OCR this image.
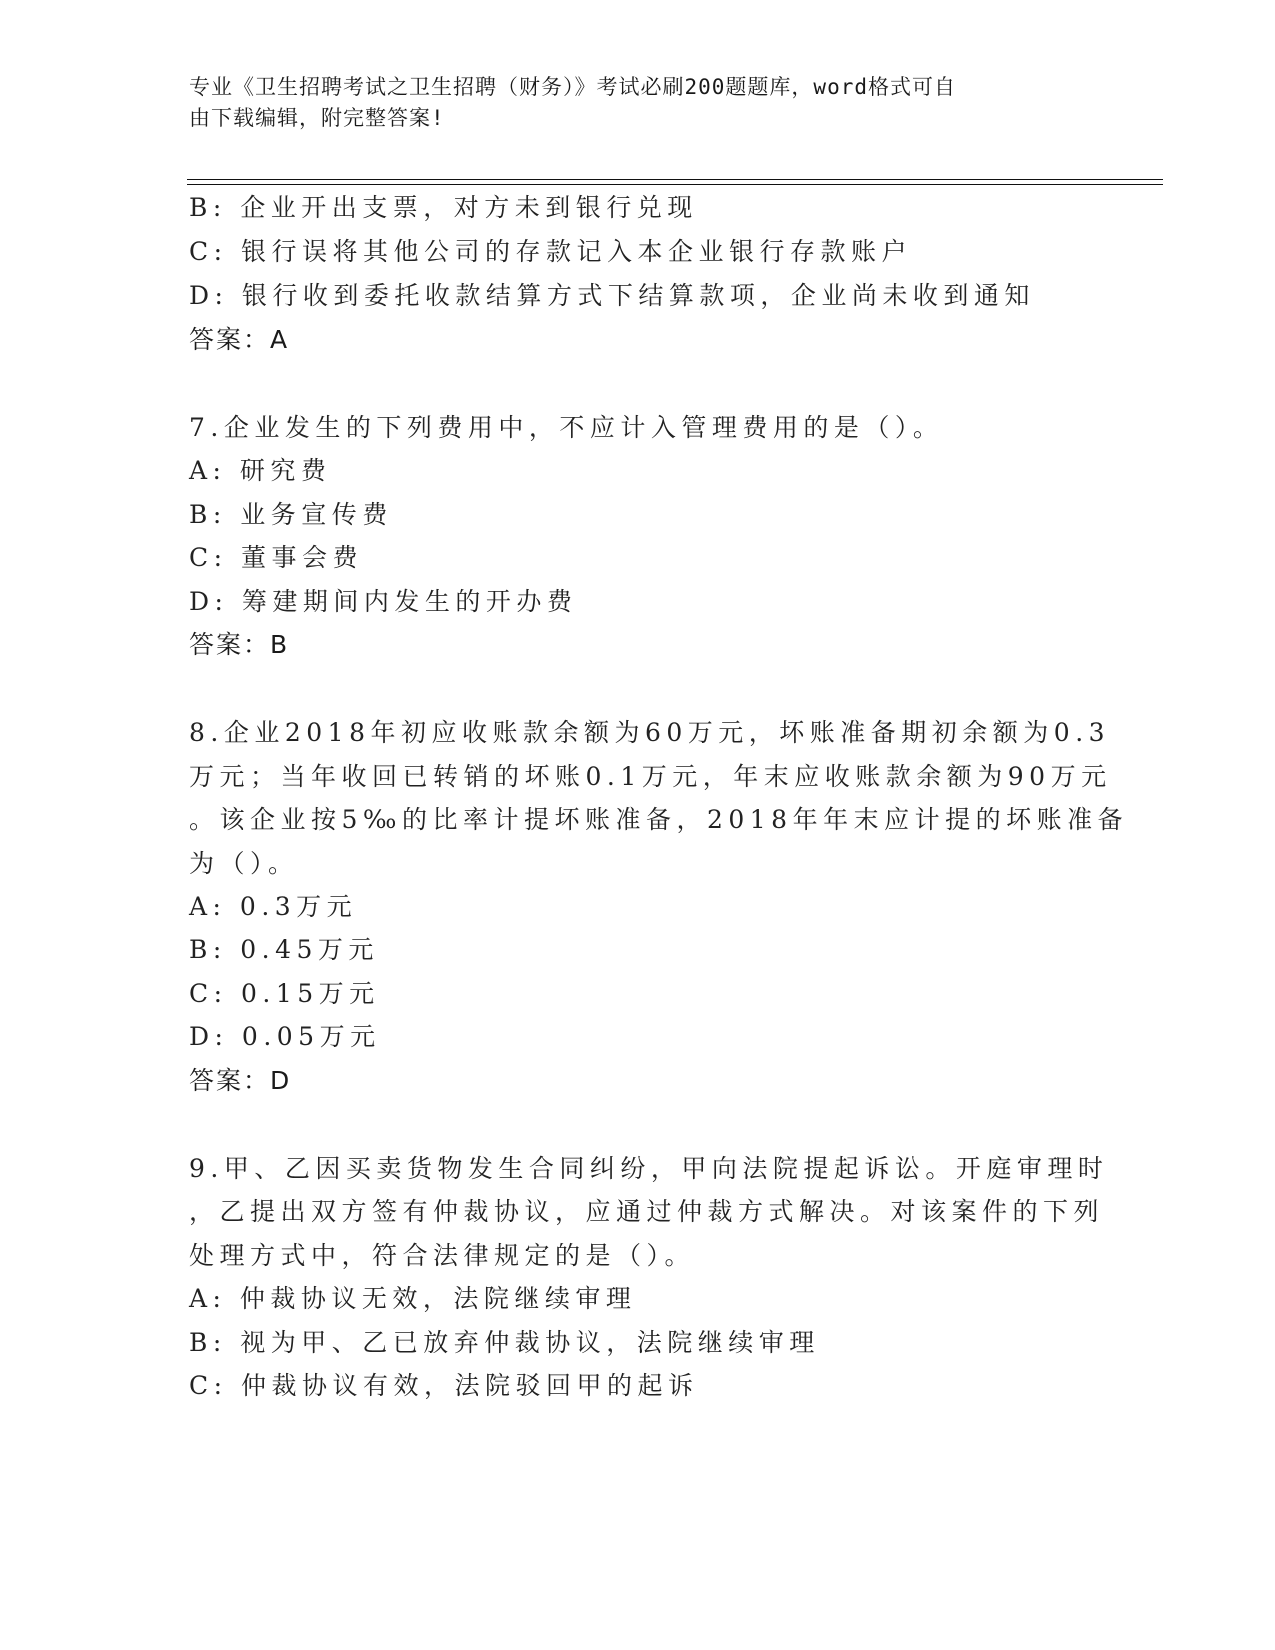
专业《卫生招聘考试之卫生招聘（财务）》考试必刷200题题库，word格式可自
由下载编辑，附完整答案!
B: 企业开出支票，对方未到银行兑现
C: 银行误将其他公司的存款记入本企业银行存款账户
D: 银行收到委托收款结算方式下结算款项，企业尚未收到通知
答案：A
7.企业发生的下列费用中，不应计入管理费用的是（）。
A: 研究费
B: 业务宣传费
C: 董事会费
D: 筹建期间内发生的开办费
答案：B
8.企业2018年初应收账款余额为60万元，坏账准备期初余额为0.3
万元；当年收回已转销的坏账0.1万元，年末应收账款余额为90万元
。该企业按5‰的比率计提坏账准备，2018年年末应计提的坏账准备
为（）。
A: 0.3万元
B: 0.45万元
C: 0.15万元
D: 0.05万元
答案：D
9.甲、乙因买卖货物发生合同纠纷，甲向法院提起诉讼。开庭审理时
，乙提出双方签有仲裁协议，应通过仲裁方式解决。对该案件的下列
处理方式中，符合法律规定的是（）。
A: 仲裁协议无效，法院继续审理
B: 视为甲、乙已放弃仲裁协议，法院继续审理
C: 仲裁协议有效，法院驳回甲的起诉
